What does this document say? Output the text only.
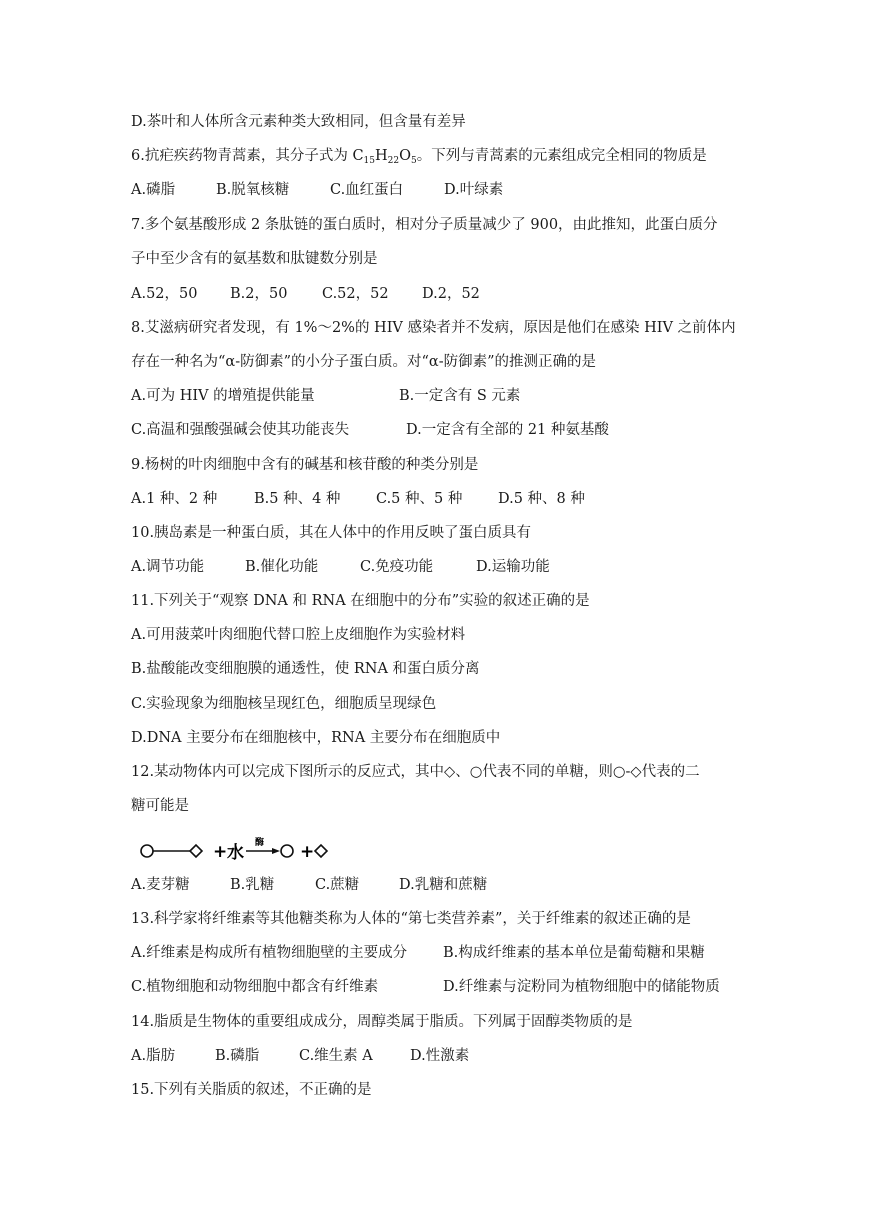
D.茶叶和人体所含元素种类大致相同，但含量有差异
6.抗疟疾药物青蒿素，其分子式为 $C_{15}H_{22}O_5$。下列与青蒿素的元素组成完全相同的物质是
A.磷脂	B.脱氧核糖	C.血红蛋白	D.叶绿素
7.多个氨基酸形成 2 条肽链的蛋白质时，相对分子质量减少了 900，由此推知，此蛋白质分
子中至少含有的氨基数和肽键数分别是
A.52，50 B.2，50 C.52，52 D.2，52
8.艾滋病研究者发现，有 1%～2%的 HIV 感染者并不发病，原因是他们在感染 HIV 之前体内
存在一种名为“α-防御素”的小分子蛋白质。对“α-防御素”的推测正确的是
A.可为 HIV 的增殖提供能量	B.一定含有 S 元素
C.高温和强酸强碱会使其功能丧失	D.一定含有全部的 21 种氨基酸
9.杨树的叶肉细胞中含有的碱基和核苷酸的种类分别是
A.1 种、2 种	B.5 种、4 种 C.5 种、5 种 D.5 种、8 种
10.胰岛素是一种蛋白质，其在人体中的作用反映了蛋白质具有
A.调节功能	B.催化功能	C.免疫功能	D.运输功能
11.下列关于“观察 DNA 和 RNA 在细胞中的分布”实验的叙述正确的是
A.可用菠菜叶肉细胞代替口腔上皮细胞作为实验材料
B.盐酸能改变细胞膜的通透性，使 RNA 和蛋白质分离
C.实验现象为细胞核呈现红色，细胞质呈现绿色
D.DNA 主要分布在细胞核中，RNA 主要分布在细胞质中
12.某动物体内可以完成下图所示的反应式，其中◇、○代表不同的单糖，则○-◇代表的二
糖可能是
+ 水 酶 +
A.麦芽糖	B.乳糖	C.蔗糖	D.乳糖和蔗糖
13.科学家将纤维素等其他糖类称为人体的“第七类营养素”，关于纤维素的叙述正确的是
A.纤维素是构成所有植物细胞壁的主要成分 B.构成纤维素的基本单位是葡萄糖和果糖
C.植物细胞和动物细胞中都含有纤维素	D.纤维素与淀粉同为植物细胞中的储能物质
14.脂质是生物体的重要组成成分，周醇类属于脂质。下列属于固醇类物质的是
A.脂肪	B.磷脂	C.维生素 A	D.性激素
15.下列有关脂质的叙述，不正确的是
